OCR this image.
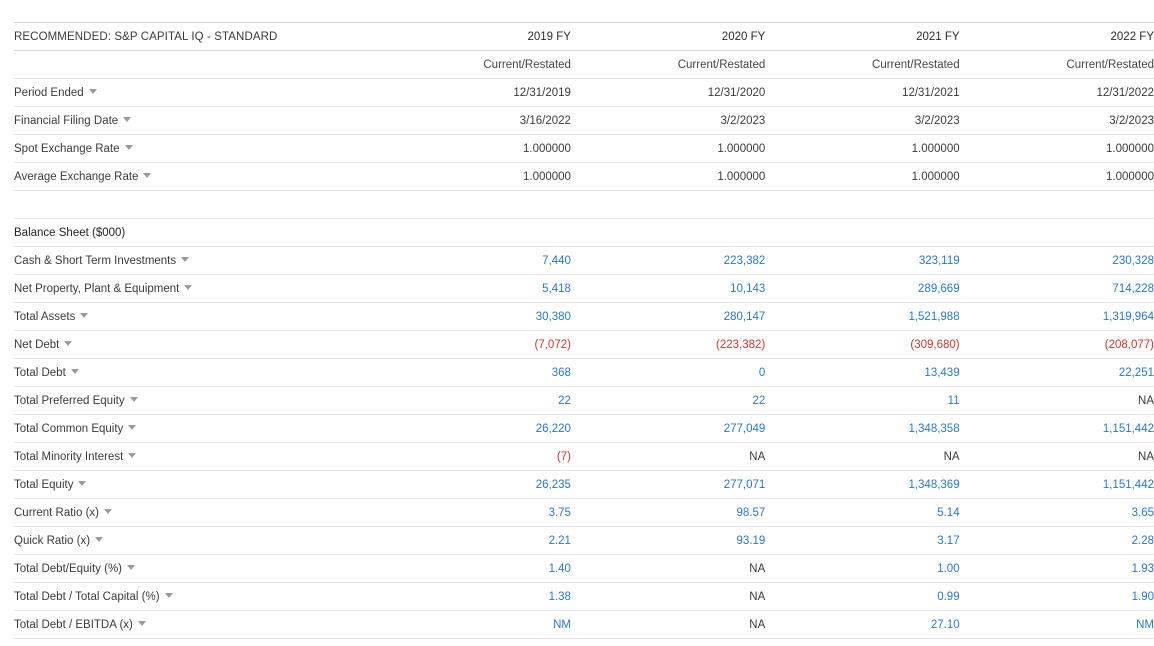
RECOMMENDED: S&P CAPITAL IQ - STANDARD	2019 FY	2020 FY	2021 FY	2022 FY
	Current/Restated	Current/Restated	Current/Restated	Current/Restated
Period Ended	12/31/2019	12/31/2020	12/31/2021	12/31/2022
Financial Filing Date	3/16/2022	3/2/2023	3/2/2023	3/2/2023
Spot Exchange Rate	1.000000	1.000000	1.000000	1.000000
Average Exchange Rate	1.000000	1.000000	1.000000	1.000000

Balance Sheet ($000)				
Cash & Short Term Investments	7,440	223,382	323,119	230,328
Net Property, Plant & Equipment	5,418	10,143	289,669	714,228
Total Assets	30,380	280,147	1,521,988	1,319,964
Net Debt	(7,072)	(223,382)	(309,680)	(208,077)
Total Debt	368	0	13,439	22,251
Total Preferred Equity	22	22	11	NA
Total Common Equity	26,220	277,049	1,348,358	1,151,442
Total Minority Interest	(7)	NA	NA	NA
Total Equity	26,235	277,071	1,348,369	1,151,442
Current Ratio (x)	3.75	98.57	5.14	3.65
Quick Ratio (x)	2.21	93.19	3.17	2.28
Total Debt/Equity (%)	1.40	NA	1.00	1.93
Total Debt / Total Capital (%)	1.38	NA	0.99	1.90
Total Debt / EBITDA (x)	NM	NA	27.10	NM
